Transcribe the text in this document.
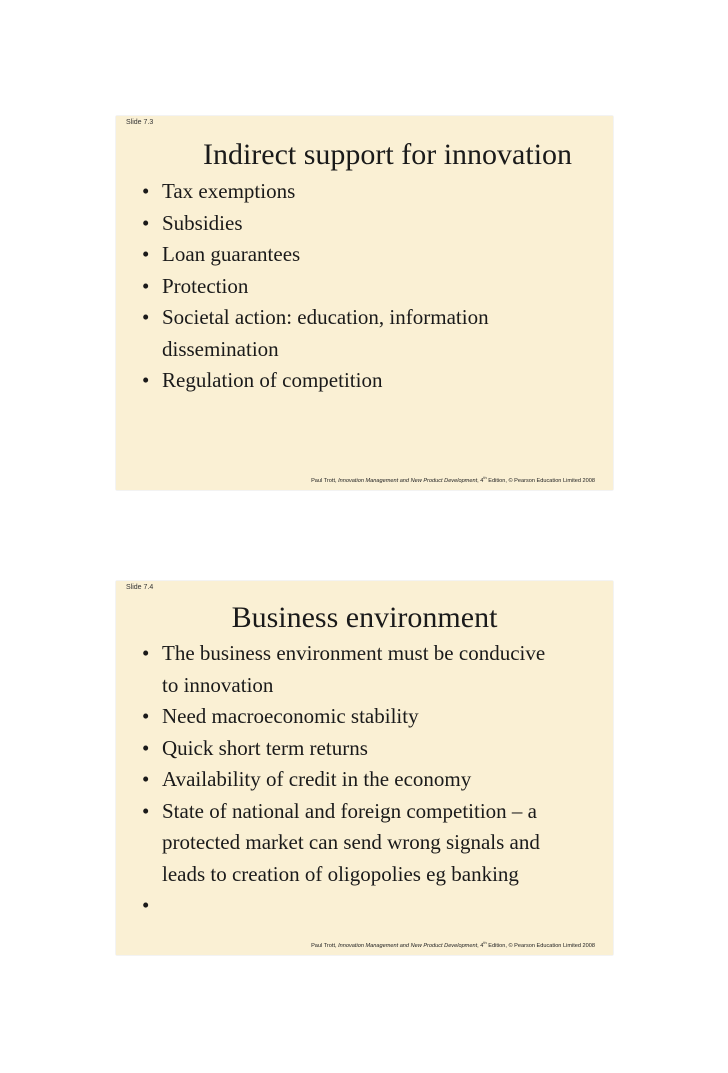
Slide 7.3
Indirect support for innovation
• Tax exemptions
• Subsidies
• Loan guarantees
• Protection
• Societal action: education, information
dissemination
• Regulation of competition
Paul Trott, Innovation Management and New Product Development, 4th Edition, © Pearson Education Limited 2008
Slide 7.4
Business environment
• The business environment must be conducive
to innovation
• Need macroeconomic stability
• Quick short term returns
• Availability of credit in the economy
• State of national and foreign competition – a
protected market can send wrong signals and
leads to creation of oligopolies eg banking
•
Paul Trott, Innovation Management and New Product Development, 4th Edition, © Pearson Education Limited 2008
